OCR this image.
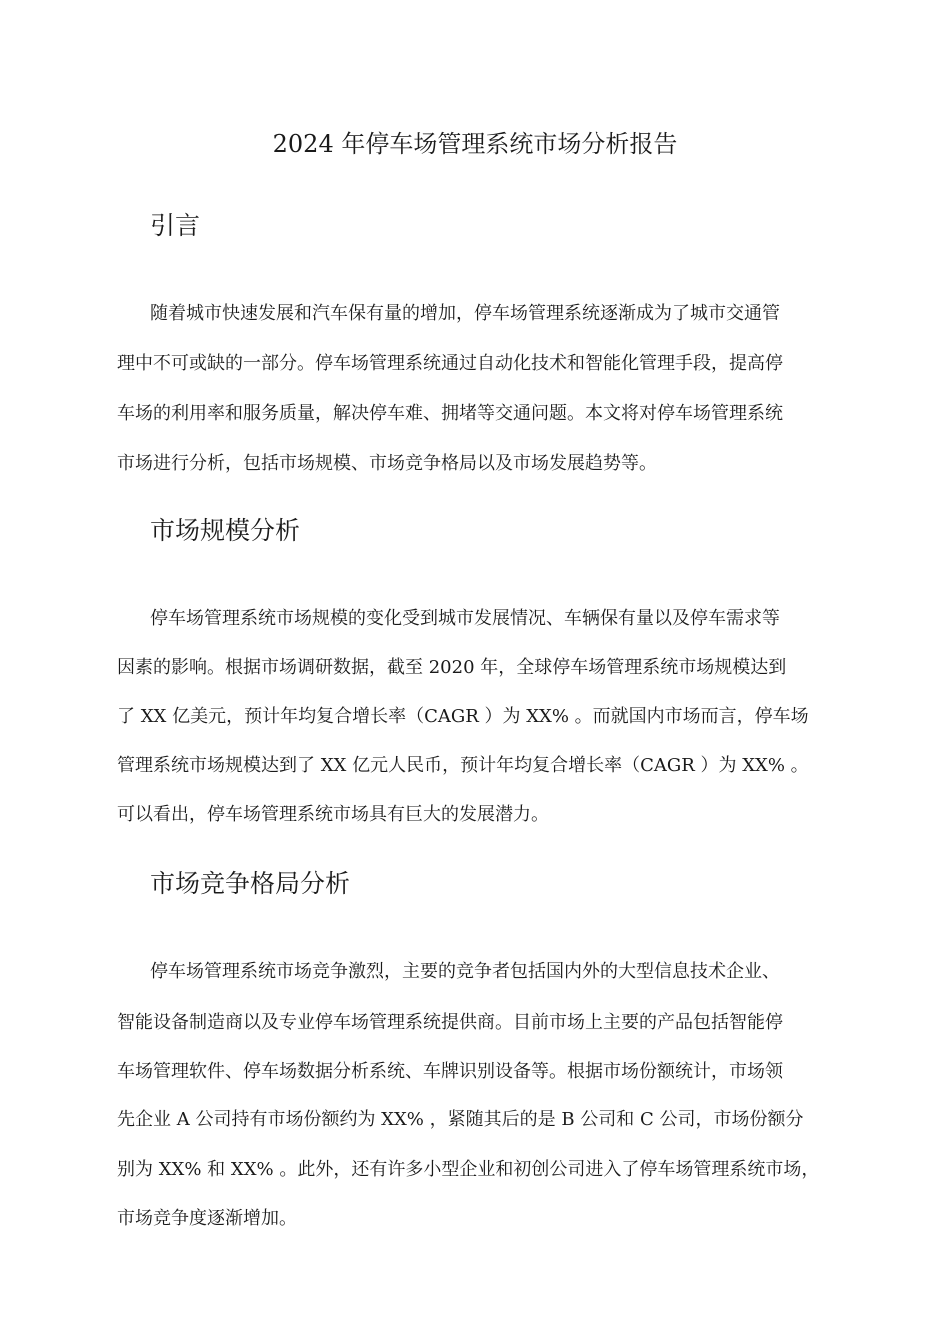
2024 年停车场管理系统市场分析报告
引言
随着城市快速发展和汽车保有量的增加，停车场管理系统逐渐成为了城市交通管
理中不可或缺的一部分。停车场管理系统通过自动化技术和智能化管理手段，提高停
车场的利用率和服务质量，解决停车难、拥堵等交通问题。本文将对停车场管理系统
市场进行分析，包括市场规模、市场竞争格局以及市场发展趋势等。
市场规模分析
停车场管理系统市场规模的变化受到城市发展情况、车辆保有量以及停车需求等
因素的影响。根据市场调研数据，截至 2020 年，全球停车场管理系统市场规模达到
了 XX 亿美元，预计年均复合增长率（CAGR ）为 XX% 。而就国内市场而言，停车场
管理系统市场规模达到了 XX 亿元人民币，预计年均复合增长率（CAGR ）为 XX% 。
可以看出，停车场管理系统市场具有巨大的发展潜力。
市场竞争格局分析
停车场管理系统市场竞争激烈，主要的竞争者包括国内外的大型信息技术企业、
智能设备制造商以及专业停车场管理系统提供商。目前市场上主要的产品包括智能停
车场管理软件、停车场数据分析系统、车牌识别设备等。根据市场份额统计，市场领
先企业 A 公司持有市场份额约为 XX% ，紧随其后的是 B 公司和 C 公司，市场份额分
别为 XX% 和 XX% 。此外，还有许多小型企业和初创公司进入了停车场管理系统市场，
市场竞争度逐渐增加。
